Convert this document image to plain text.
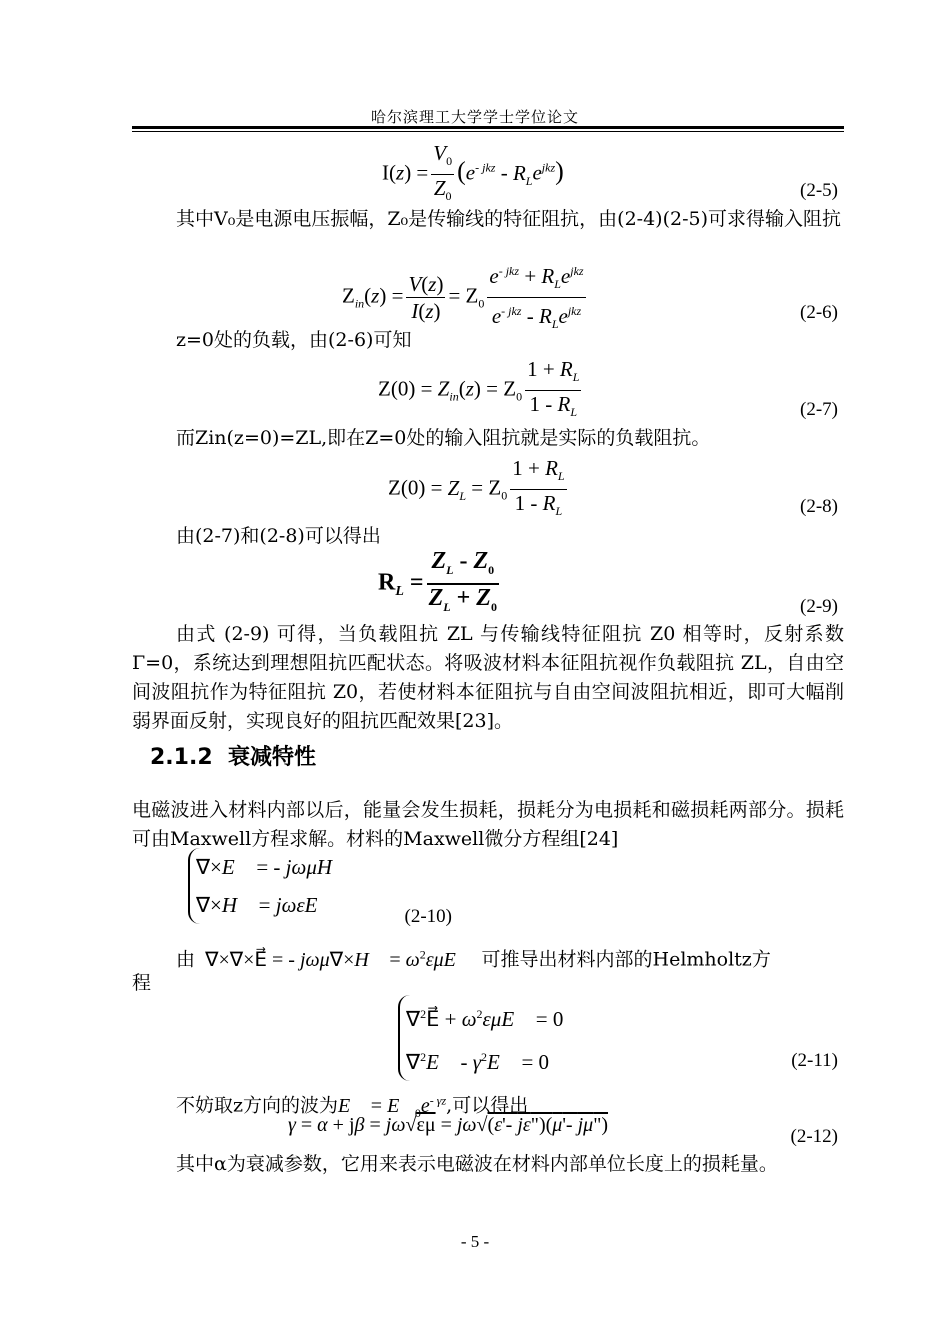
哈尔滨理工大学学士学位论文
$I(z) = \frac{V_0}{Z_0} (e^{- jkz} - R_Le^{jkz})$
(2-5)
其中V₀是电源电压振幅，Z₀是传输线的特征阻抗，由(2-4)(2-5)可求得输入阻抗
$Z_{in}(z) = \frac{V(z)}{I(z)} = Z_0 \frac{e^{- jkz} + R_Le^{jkz}}{e^{- jkz} - R_Le^{jkz}}$	(2-6)
z=0处的负载，由(2-6)可知
$Z(0) = Z_{in}(z) = Z_0 \frac{1 + R_L}{1 - R_L}$	(2-7)
而Zin(z=0)=ZL,即在Z=0处的输入阻抗就是实际的负载阻抗。
$Z(0) = Z_L = Z_0 \frac{1 + R_L}{1 - R_L}$	(2-8)
由(2-7)和(2-8)可以得出
$R_L = \frac{Z_L - Z_0}{Z_L + Z_0}$	(2-9)
由式 (2-9) 可得，当负载阻抗 ZL 与传输线特征阻抗 Z0 相等时，反射系数 Γ=0，系统达到理想阻抗匹配状态。将吸波材料本征阻抗视作负载阻抗 ZL，自由空间波阻抗作为特征阻抗 Z0，若使材料本征阻抗与自由空间波阻抗相近，即可大幅削弱界面反射，实现良好的阻抗匹配效果[23]。
2.1.2 衰减特性
电磁波进入材料内部以后，能量会发生损耗，损耗分为电损耗和磁损耗两部分。损耗可由Maxwell方程求解。材料的Maxwell微分方程组[24]
∇×E⃗ = - jωμH⃗
∇×H⃗ = jωεE⃗	(2-10)
由 ∇×∇×E⃗ = - jωμ∇×H⃗ = $\omega^2\varepsilon\mu E⃗$ 可推导出材料内部的Helmholtz方
程
∇$^2$E⃗ + $\omega^2\varepsilon\mu E⃗ = 0$
∇$^2$E⃗ - $\gamma^2E⃗ = 0$	(2-11)
不妨取z方向的波为E⃗ = $E⃗_0e^{- \gamma z}$,可以得出
γ = α + jβ = jω√εμ = jω√(ε'- jε")(μ'- jμ")
(2-12)
其中α为衰减参数，它用来表示电磁波在材料内部单位长度上的损耗量。
- 5 -
